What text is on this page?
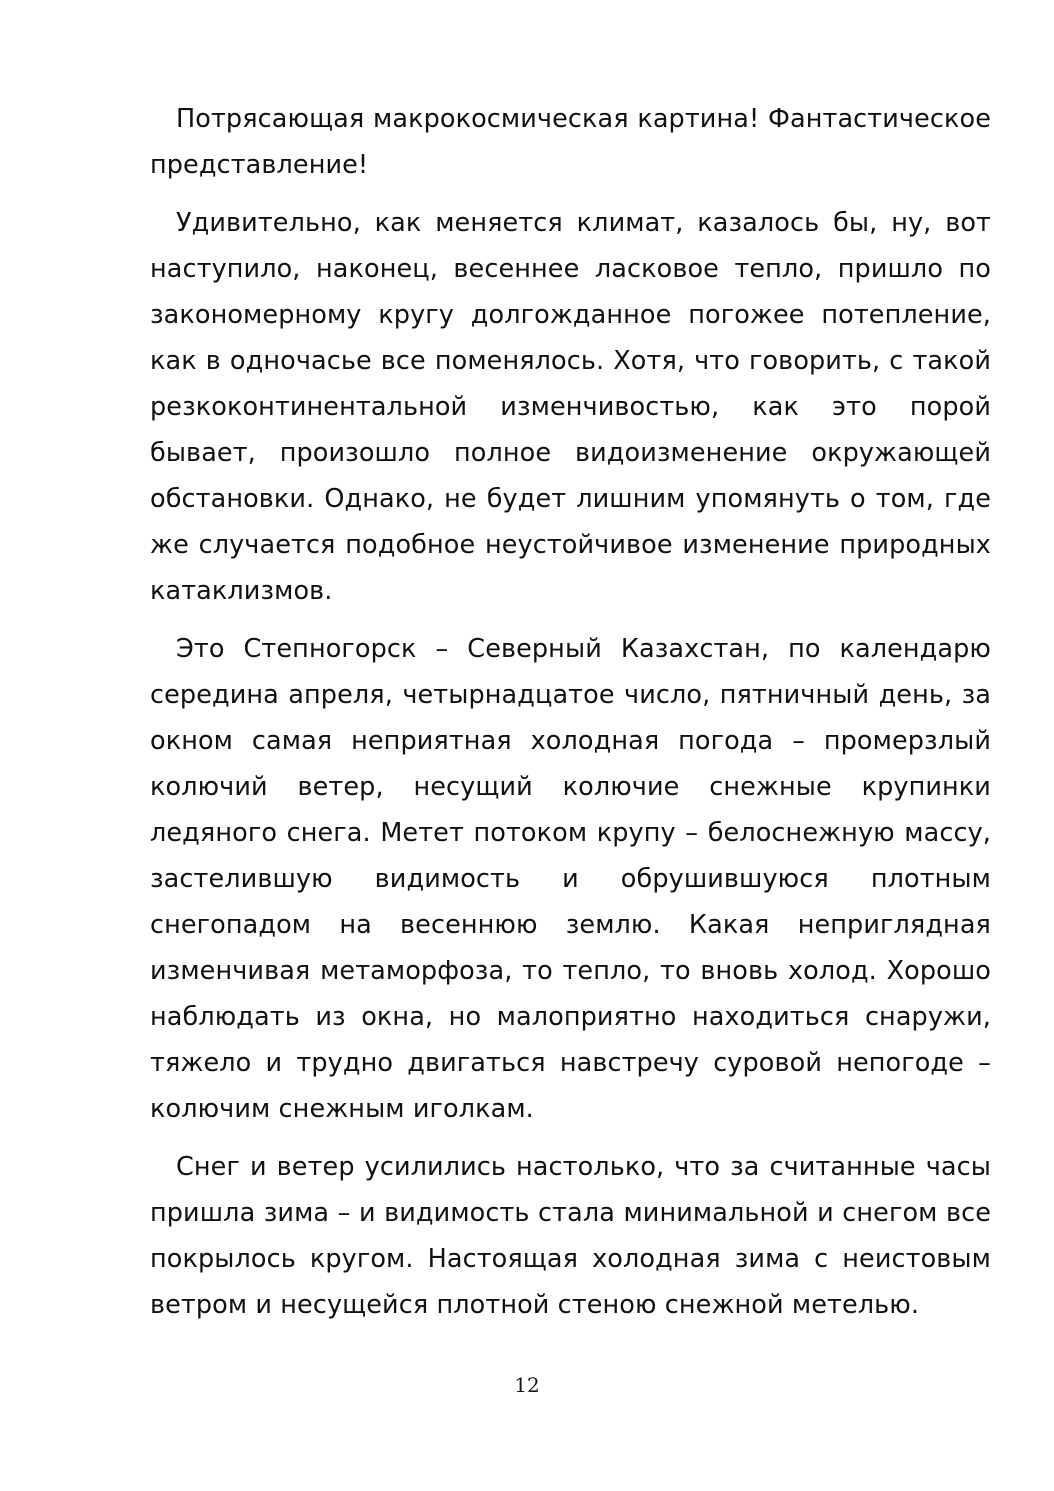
Потрясающая макрокосмическая картина! Фантастическое представление!

Удивительно, как меняется климат, казалось бы, ну, вот наступило, наконец, весеннее ласковое тепло, пришло по закономерному кругу долгожданное погожее потепление, как в одночасье все поменялось. Хотя, что говорить, с такой резкоконтинентальной изменчивостью, как это порой бывает, произошло полное видоизменение окружающей обстановки. Однако, не будет лишним упомянуть о том, где же случается подобное неустойчивое изменение природных катаклизмов.

Это Степногорск – Северный Казахстан, по календарю середина апреля, четырнадцатое число, пятничный день, за окном самая неприятная холодная погода – промерзлый колючий ветер, несущий колючие снежные крупинки ледяного снега. Метет потоком крупу – белоснежную массу, застелившую видимость и обрушившуюся плотным снегопадом на весеннюю землю. Какая неприглядная изменчивая метаморфоза, то тепло, то вновь холод. Хорошо наблюдать из окна, но малоприятно находиться снаружи, тяжело и трудно двигаться навстречу суровой непогоде – колючим снежным иголкам.

Снег и ветер усилились настолько, что за считанные часы пришла зима – и видимость стала минимальной и снегом все покрылось кругом. Настоящая холодная зима с неистовым ветром и несущейся плотной стеною снежной метелью.

12
